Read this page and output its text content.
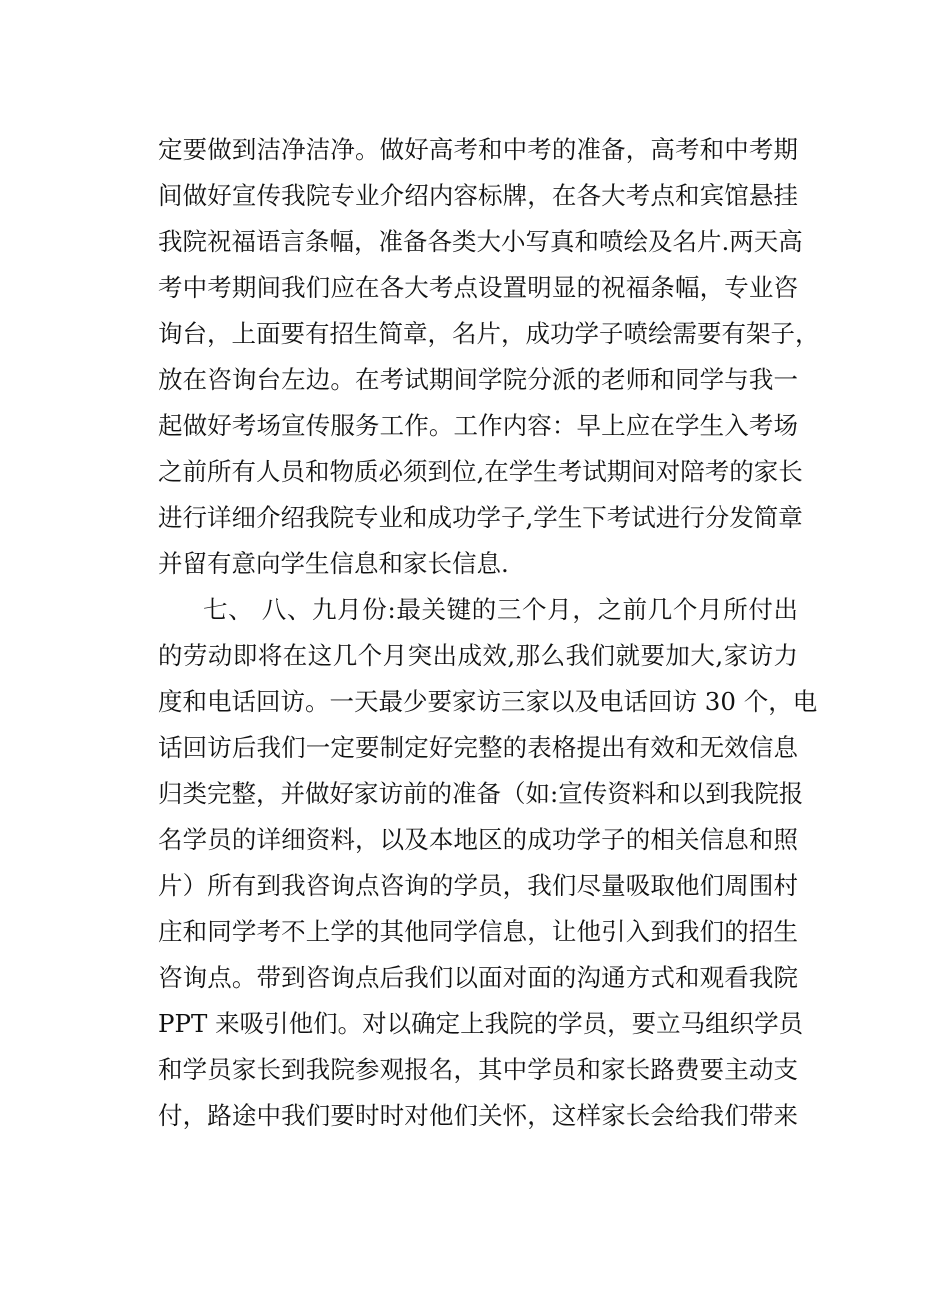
定要做到洁净洁净。做好高考和中考的准备，高考和中考期
间做好宣传我院专业介绍内容标牌，在各大考点和宾馆悬挂
我院祝福语言条幅，准备各类大小写真和喷绘及名片.两天高
考中考期间我们应在各大考点设置明显的祝福条幅，专业咨
询台，上面要有招生简章，名片，成功学子喷绘需要有架子，
放在咨询台左边。在考试期间学院分派的老师和同学与我一
起做好考场宣传服务工作。工作内容：早上应在学生入考场
之前所有人员和物质必须到位,在学生考试期间对陪考的家长
进行详细介绍我院专业和成功学子,学生下考试进行分发简章
并留有意向学生信息和家长信息.
七、 八、九月份:最关键的三个月，之前几个月所付出
的劳动即将在这几个月突出成效,那么我们就要加大,家访力
度和电话回访。一天最少要家访三家以及电话回访 30 个，电
话回访后我们一定要制定好完整的表格提出有效和无效信息
归类完整，并做好家访前的准备（如:宣传资料和以到我院报
名学员的详细资料，以及本地区的成功学子的相关信息和照
片）所有到我咨询点咨询的学员，我们尽量吸取他们周围村
庄和同学考不上学的其他同学信息，让他引入到我们的招生
咨询点。带到咨询点后我们以面对面的沟通方式和观看我院
PPT 来吸引他们。对以确定上我院的学员，要立马组织学员
和学员家长到我院参观报名，其中学员和家长路费要主动支
付，路途中我们要时时对他们关怀，这样家长会给我们带来
